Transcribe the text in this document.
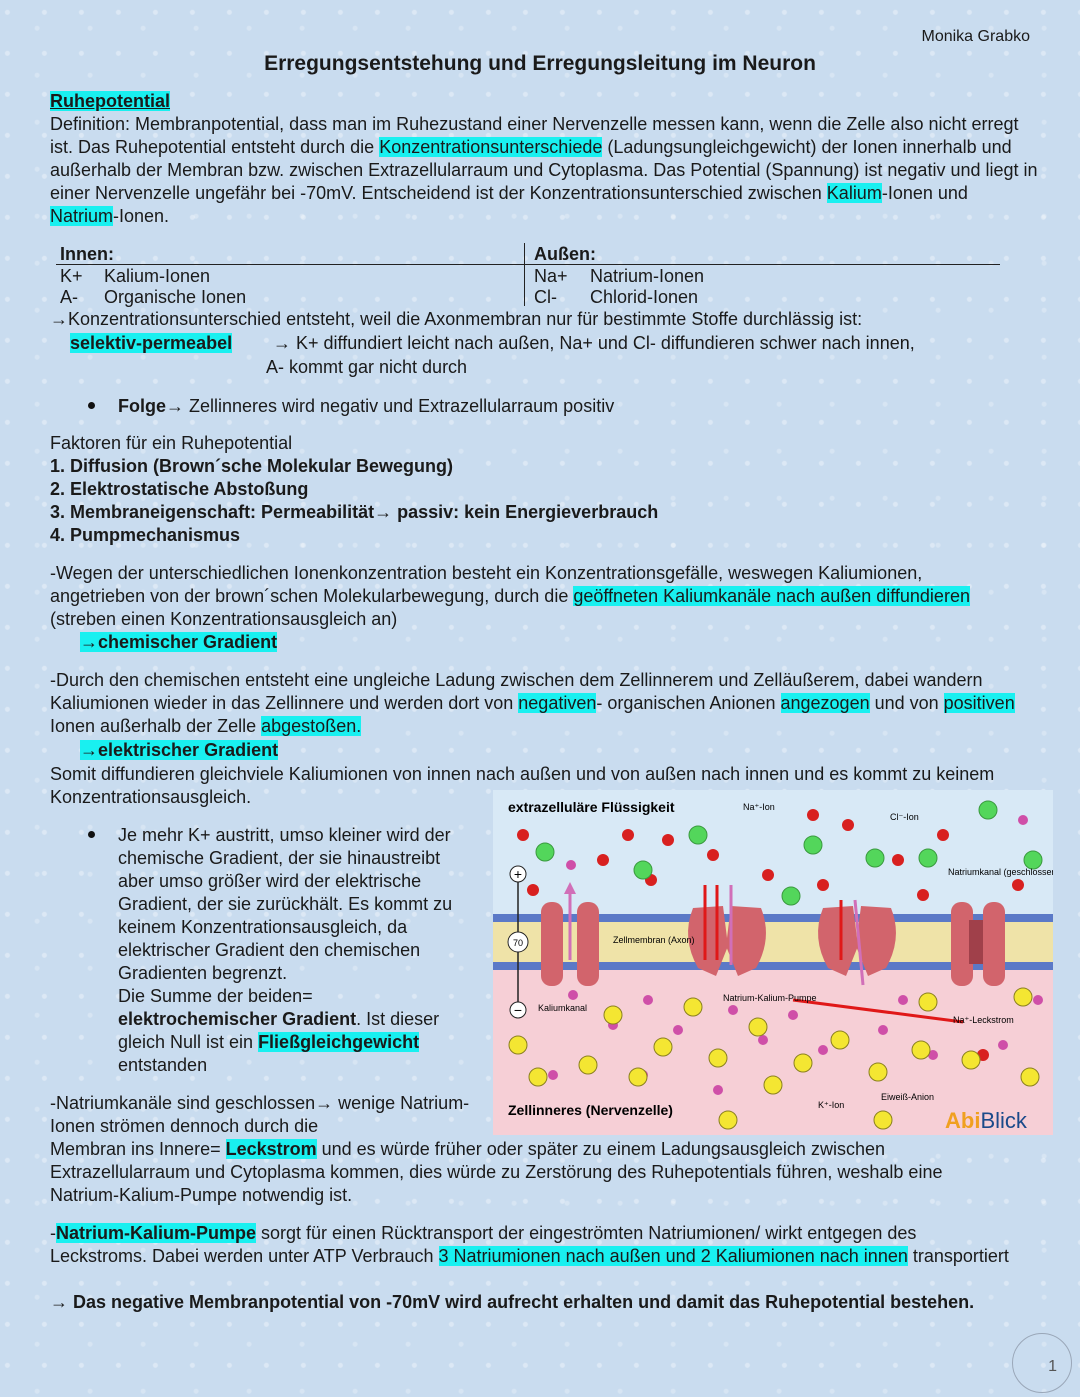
Monika Grabko
Erregungsentstehung und Erregungsleitung im Neuron
Ruhepotential
Definition: Membranpotential, dass man im Ruhezustand einer Nervenzelle messen kann, wenn die Zelle also nicht erregt ist. Das Ruhepotential entsteht durch die Konzentrationsunterschiede (Ladungsungleichgewicht) der Ionen innerhalb und außerhalb der Membran bzw. zwischen Extrazellularraum und Cytoplasma. Das Potential (Spannung) ist negativ und liegt in einer Nervenzelle ungefähr bei -70mV. Entscheidend ist der Konzentrationsunterschied zwischen Kalium-Ionen und Natrium-Ionen.
Innen:	Außen:
K+ Kalium-Ionen
A- Organische Ionen
Na+ Natrium-Ionen
Cl- Chlorid-Ionen
→Konzentrationsunterschied entsteht, weil die Axonmembran nur für bestimmte Stoffe durchlässig ist:
selektiv-permeabel → K+ diffundiert leicht nach außen, Na+ und Cl- diffundieren schwer nach innen,
A- kommt gar nicht durch
Folge→ Zellinneres wird negativ und Extrazellularraum positiv
Faktoren für ein Ruhepotential
1. Diffusion (Brown´sche Molekular Bewegung)
2. Elektrostatische Abstoßung
3. Membraneigenschaft: Permeabilität→ passiv: kein Energieverbrauch
4. Pumpmechanismus
-Wegen der unterschiedlichen Ionenkonzentration besteht ein Konzentrationsgefälle, weswegen Kaliumionen, angetrieben von der brown´schen Molekularbewegung, durch die geöffneten Kaliumkanäle nach außen diffundieren (streben einen Konzentrationsausgleich an)
→chemischer Gradient
-Durch den chemischen entsteht eine ungleiche Ladung zwischen dem Zellinnerem und Zelläußerem, dabei wandern Kaliumionen wieder in das Zellinnere und werden dort von negativen- organischen Anionen angezogen und von positiven Ionen außerhalb der Zelle abgestoßen.
→elektrischer Gradient
Somit diffundieren gleichviele Kaliumionen von innen nach außen und von außen nach innen und es kommt zu keinem Konzentrationsausgleich.
Je mehr K+ austritt, umso kleiner wird der chemische Gradient, der sie hinaustreibt aber umso größer wird der elektrische Gradient, der sie zurückhält. Es kommt zu keinem Konzentrationsausgleich, da elektrischer Gradient den chemischen Gradienten begrenzt.
Die Summe der beiden=
elektrochemischer Gradient. Ist dieser gleich Null ist ein Fließgleichgewicht
entstanden
-Natriumkanäle sind geschlossen→ wenige Natrium-Ionen strömen dennoch durch die
Membran ins Innere= Leckstrom und es würde früher oder später zu einem Ladungsausgleich zwischen Extrazellularraum und Cytoplasma kommen, dies würde zu Zerstörung des Ruhepotentials führen, weshalb eine Natrium-Kalium-Pumpe notwendig ist.
-Natrium-Kalium-Pumpe sorgt für einen Rücktransport der eingeströmten Natriumionen/ wirkt entgegen des Leckstroms. Dabei werden unter ATP Verbrauch 3 Natriumionen nach außen und 2 Kaliumionen nach innen transportiert
→ Das negative Membranpotential von -70mV wird aufrecht erhalten und damit das Ruhepotential bestehen.
+
−
70
extrazelluläre Flüssigkeit
Zellinneres (Nervenzelle)
Na⁺-Ion
Cl⁻-Ion
Natriumkanal (geschlossen)
Zellmembran (Axon)
Kaliumkanal
Natrium-Kalium-Pumpe
Na⁺-Leckstrom
K⁺-Ion
Eiweiß-Anion
AbiBlick
1
